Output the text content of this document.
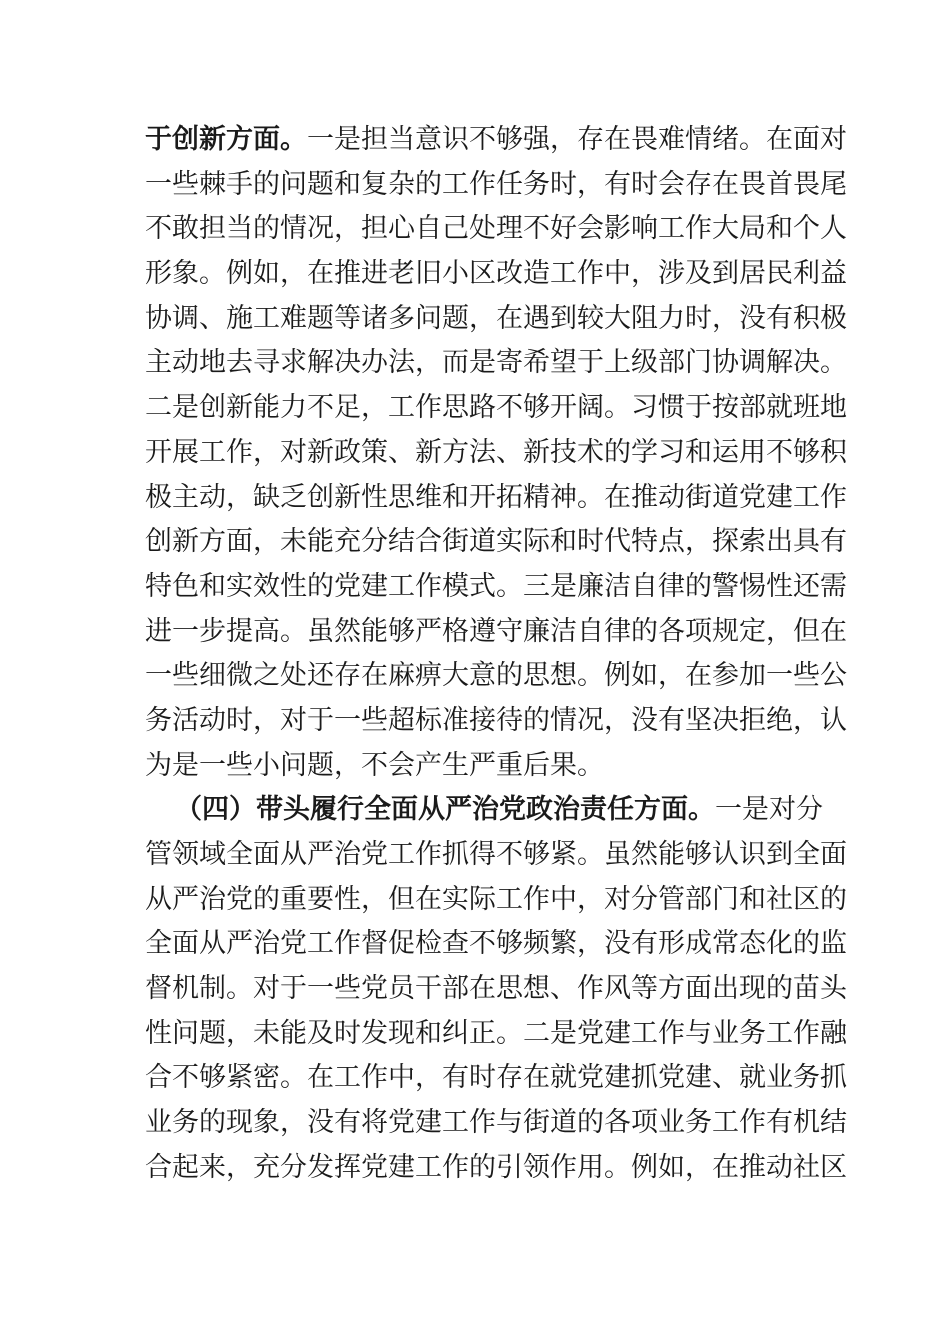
于创新方面。一是担当意识不够强，存在畏难情绪。在面对
一些棘手的问题和复杂的工作任务时，有时会存在畏首畏尾
不敢担当的情况，担心自己处理不好会影响工作大局和个人
形象。例如，在推进老旧小区改造工作中，涉及到居民利益
协调、施工难题等诸多问题，在遇到较大阻力时，没有积极
主动地去寻求解决办法，而是寄希望于上级部门协调解决。
二是创新能力不足，工作思路不够开阔。习惯于按部就班地
开展工作，对新政策、新方法、新技术的学习和运用不够积
极主动，缺乏创新性思维和开拓精神。在推动街道党建工作
创新方面，未能充分结合街道实际和时代特点，探索出具有
特色和实效性的党建工作模式。三是廉洁自律的警惕性还需
进一步提高。虽然能够严格遵守廉洁自律的各项规定，但在
一些细微之处还存在麻痹大意的思想。例如，在参加一些公
务活动时，对于一些超标准接待的情况，没有坚决拒绝，认
为是一些小问题，不会产生严重后果。
（四）带头履行全面从严治党政治责任方面。一是对分
管领域全面从严治党工作抓得不够紧。虽然能够认识到全面
从严治党的重要性，但在实际工作中，对分管部门和社区的
全面从严治党工作督促检查不够频繁，没有形成常态化的监
督机制。对于一些党员干部在思想、作风等方面出现的苗头
性问题，未能及时发现和纠正。二是党建工作与业务工作融
合不够紧密。在工作中，有时存在就党建抓党建、就业务抓
业务的现象，没有将党建工作与街道的各项业务工作有机结
合起来，充分发挥党建工作的引领作用。例如，在推动社区
